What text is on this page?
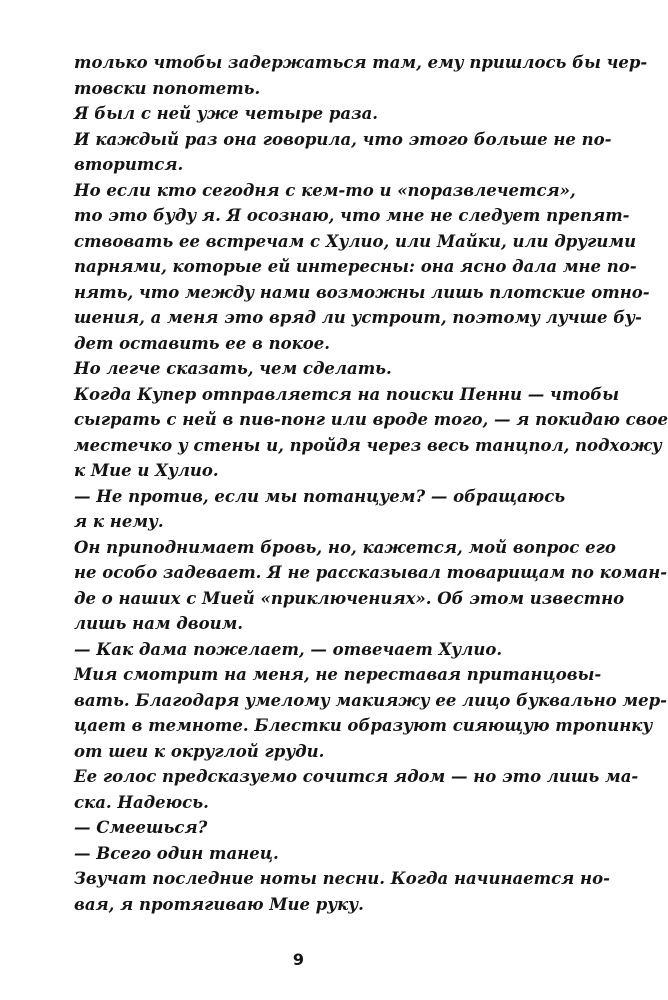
только чтобы задержаться там, ему пришлось бы чер-
товски попотеть.
Я был с ней уже четыре раза.
И каждый раз она говорила, что этого больше не по-
вторится.
Но если кто сегодня с кем-то и «поразвлечется»,
то это буду я. Я осознаю, что мне не следует препят-
ствовать ее встречам с Хулио, или Майки, или другими
парнями, которые ей интересны: она ясно дала мне по-
нять, что между нами возможны лишь плотские отно-
шения, а меня это вряд ли устроит, поэтому лучше бу-
дет оставить ее в покое.
Но легче сказать, чем сделать.
Когда Купер отправляется на поиски Пенни — чтобы
сыграть с ней в пив-понг или вроде того, — я покидаю свое
местечко у стены и, пройдя через весь танцпол, подхожу
к Мие и Хулио.
— Не против, если мы потанцуем? — обращаюсь
я к нему.
Он приподнимает бровь, но, кажется, мой вопрос его
не особо задевает. Я не рассказывал товарищам по коман-
де о наших с Мией «приключениях». Об этом известно
лишь нам двоим.
— Как дама пожелает, — отвечает Хулио.
Мия смотрит на меня, не переставая пританцовы-
вать. Благодаря умелому макияжу ее лицо буквально мер-
цает в темноте. Блестки образуют сияющую тропинку
от шеи к округлой груди.
Ее голос предсказуемо сочится ядом — но это лишь ма-
ска. Надеюсь.
— Смеешься?
— Всего один танец.
Звучат последние ноты песни. Когда начинается но-
вая, я протягиваю Мие руку.
9
